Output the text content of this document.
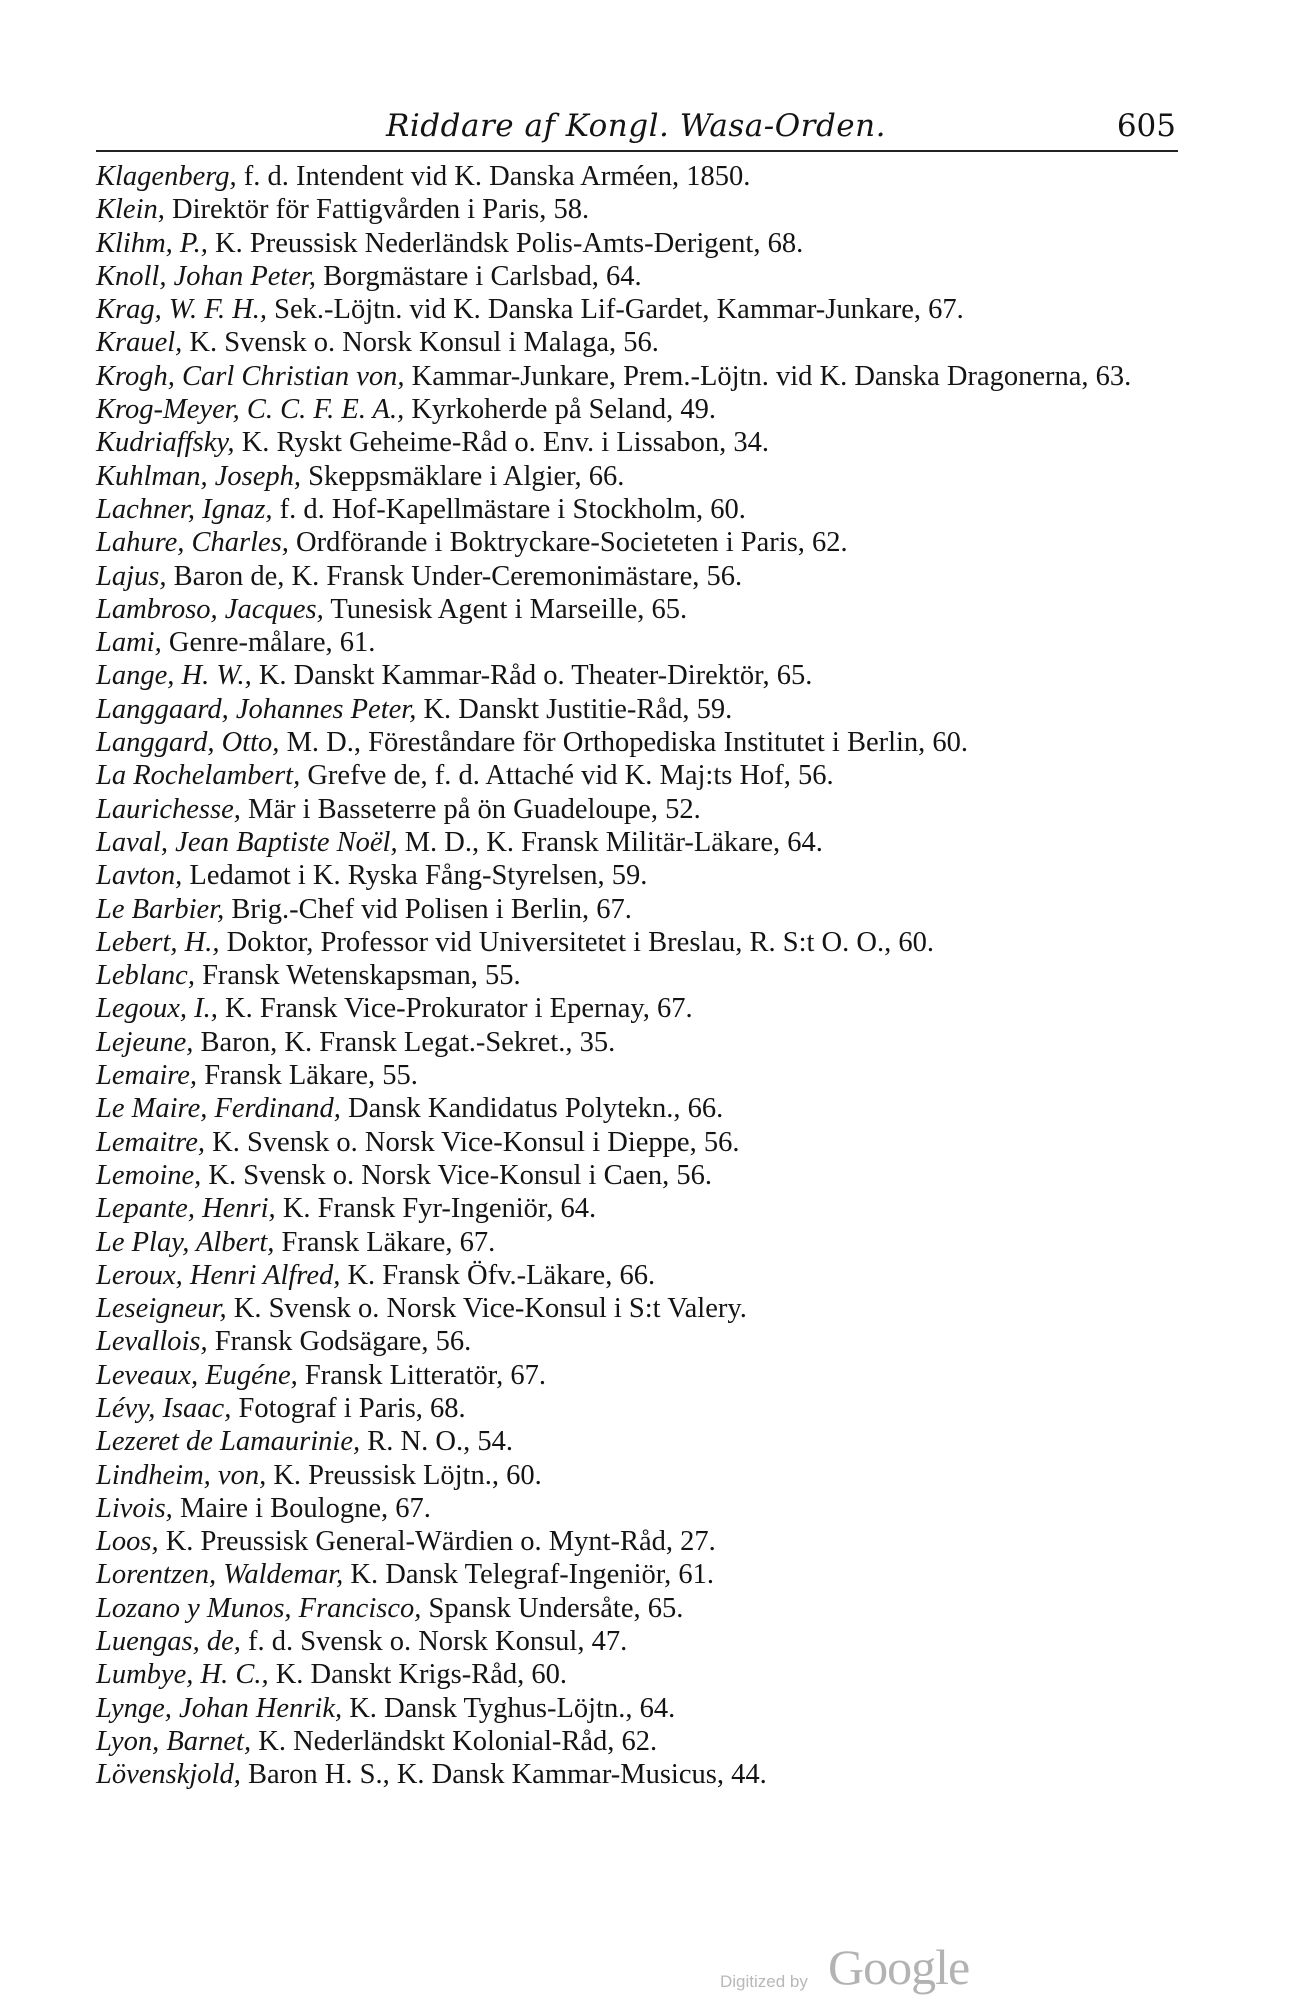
Riddare af Kongl. Wasa-Orden.	605
Klagenberg, f. d. Intendent vid K. Danska Arméen, 1850.
Klein, Direktör för Fattigvården i Paris, 58.
Klihm, P., K. Preussisk Nederländsk Polis-Amts-Derigent, 68.
Knoll, Johan Peter, Borgmästare i Carlsbad, 64.
Krag, W. F. H., Sek.-Löjtn. vid K. Danska Lif-Gardet, Kammar-Junkare, 67.
Krauel, K. Svensk o. Norsk Konsul i Malaga, 56.
Krogh, Carl Christian von, Kammar-Junkare, Prem.-Löjtn. vid K. Danska Dragonerna, 63.
Krog-Meyer, C. C. F. E. A., Kyrkoherde på Seland, 49.
Kudriaffsky, K. Ryskt Geheime-Råd o. Env. i Lissabon, 34.
Kuhlman, Joseph, Skeppsmäklare i Algier, 66.
Lachner, Ignaz, f. d. Hof-Kapellmästare i Stockholm, 60.
Lahure, Charles, Ordförande i Boktryckare-Societeten i Paris, 62.
Lajus, Baron de, K. Fransk Under-Ceremonimästare, 56.
Lambroso, Jacques, Tunesisk Agent i Marseille, 65.
Lami, Genre-målare, 61.
Lange, H. W., K. Danskt Kammar-Råd o. Theater-Direktör, 65.
Langgaard, Johannes Peter, K. Danskt Justitie-Råd, 59.
Langgard, Otto, M. D., Föreståndare för Orthopediska Institutet i Berlin, 60.
La Rochelambert, Grefve de, f. d. Attaché vid K. Maj:ts Hof, 56.
Laurichesse, Mär i Basseterre på ön Guadeloupe, 52.
Laval, Jean Baptiste Noël, M. D., K. Fransk Militär-Läkare, 64.
Lavton, Ledamot i K. Ryska Fång-Styrelsen, 59.
Le Barbier, Brig.-Chef vid Polisen i Berlin, 67.
Lebert, H., Doktor, Professor vid Universitetet i Breslau, R. S:t O. O., 60.
Leblanc, Fransk Wetenskapsman, 55.
Legoux, I., K. Fransk Vice-Prokurator i Epernay, 67.
Lejeune, Baron, K. Fransk Legat.-Sekret., 35.
Lemaire, Fransk Läkare, 55.
Le Maire, Ferdinand, Dansk Kandidatus Polytekn., 66.
Lemaitre, K. Svensk o. Norsk Vice-Konsul i Dieppe, 56.
Lemoine, K. Svensk o. Norsk Vice-Konsul i Caen, 56.
Lepante, Henri, K. Fransk Fyr-Ingeniör, 64.
Le Play, Albert, Fransk Läkare, 67.
Leroux, Henri Alfred, K. Fransk Öfv.-Läkare, 66.
Leseigneur, K. Svensk o. Norsk Vice-Konsul i S:t Valery.
Levallois, Fransk Godsägare, 56.
Leveaux, Eugéne, Fransk Litteratör, 67.
Lévy, Isaac, Fotograf i Paris, 68.
Lezeret de Lamaurinie, R. N. O., 54.
Lindheim, von, K. Preussisk Löjtn., 60.
Livois, Maire i Boulogne, 67.
Loos, K. Preussisk General-Wärdien o. Mynt-Råd, 27.
Lorentzen, Waldemar, K. Dansk Telegraf-Ingeniör, 61.
Lozano y Munos, Francisco, Spansk Undersåte, 65.
Luengas, de, f. d. Svensk o. Norsk Konsul, 47.
Lumbye, H. C., K. Danskt Krigs-Råd, 60.
Lynge, Johan Henrik, K. Dansk Tyghus-Löjtn., 64.
Lyon, Barnet, K. Nederländskt Kolonial-Råd, 62.
Lövenskjold, Baron H. S., K. Dansk Kammar-Musicus, 44.
Digitized by Google
